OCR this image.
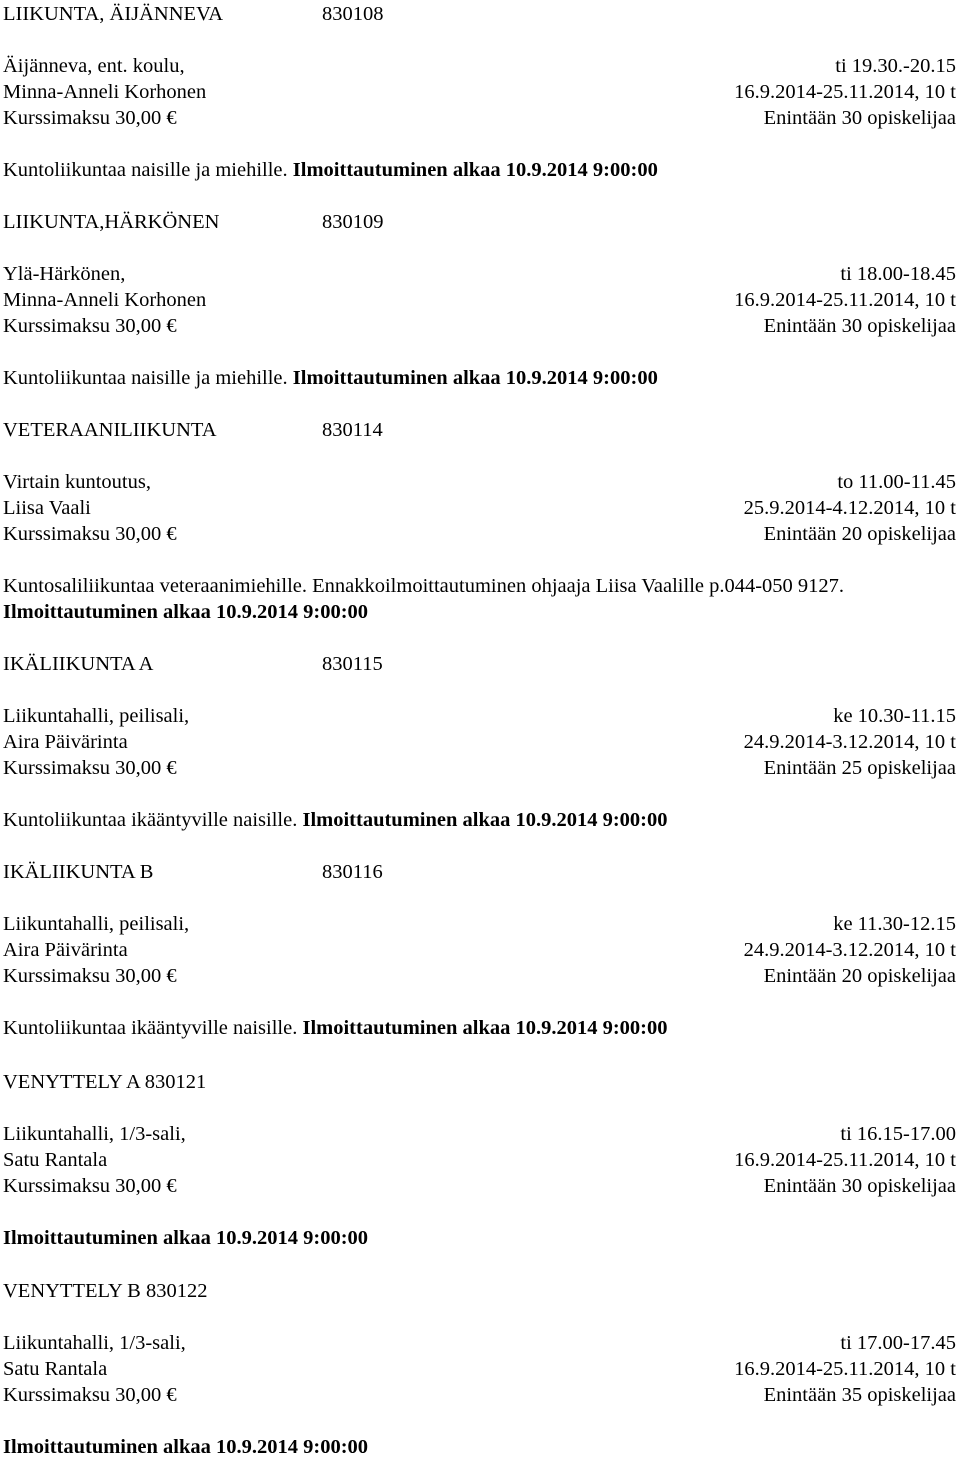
LIIKUNTA, ÄIJÄNNEVA	830108
Äijänneva, ent. koulu,	ti 19.30.-20.15
Minna-Anneli Korhonen	16.9.2014-25.11.2014, 10 t
Kurssimaksu 30,00 €	Enintään 30 opiskelijaa
Kuntoliikuntaa naisille ja miehille. Ilmoittautuminen alkaa 10.9.2014 9:00:00
LIIKUNTA,HÄRKÖNEN	830109
Ylä-Härkönen,	ti 18.00-18.45
Minna-Anneli Korhonen	16.9.2014-25.11.2014, 10 t
Kurssimaksu 30,00 €	Enintään 30 opiskelijaa
Kuntoliikuntaa naisille ja miehille. Ilmoittautuminen alkaa 10.9.2014 9:00:00
VETERAANILIIKUNTA	830114
Virtain kuntoutus,	to 11.00-11.45
Liisa Vaali	25.9.2014-4.12.2014, 10 t
Kurssimaksu 30,00 €	Enintään 20 opiskelijaa
Kuntosaliliikuntaa veteraanimiehille. Ennakkoilmoittautuminen ohjaaja Liisa Vaalille p.044-050 9127.
Ilmoittautuminen alkaa 10.9.2014 9:00:00
IKÄLIIKUNTA A	830115
Liikuntahalli, peilisali,	ke 10.30-11.15
Aira Päivärinta	24.9.2014-3.12.2014, 10 t
Kurssimaksu 30,00 €	Enintään 25 opiskelijaa
Kuntoliikuntaa ikääntyville naisille. Ilmoittautuminen alkaa 10.9.2014 9:00:00
IKÄLIIKUNTA B	830116
Liikuntahalli, peilisali,	ke 11.30-12.15
Aira Päivärinta	24.9.2014-3.12.2014, 10 t
Kurssimaksu 30,00 €	Enintään 20 opiskelijaa
Kuntoliikuntaa ikääntyville naisille. Ilmoittautuminen alkaa 10.9.2014 9:00:00
VENYTTELY A 830121
Liikuntahalli, 1/3-sali,	ti 16.15-17.00
Satu Rantala	16.9.2014-25.11.2014, 10 t
Kurssimaksu 30,00 €	Enintään 30 opiskelijaa
Ilmoittautuminen alkaa 10.9.2014 9:00:00
VENYTTELY B 830122
Liikuntahalli, 1/3-sali,	ti 17.00-17.45
Satu Rantala	16.9.2014-25.11.2014, 10 t
Kurssimaksu 30,00 €	Enintään 35 opiskelijaa
Ilmoittautuminen alkaa 10.9.2014 9:00:00
